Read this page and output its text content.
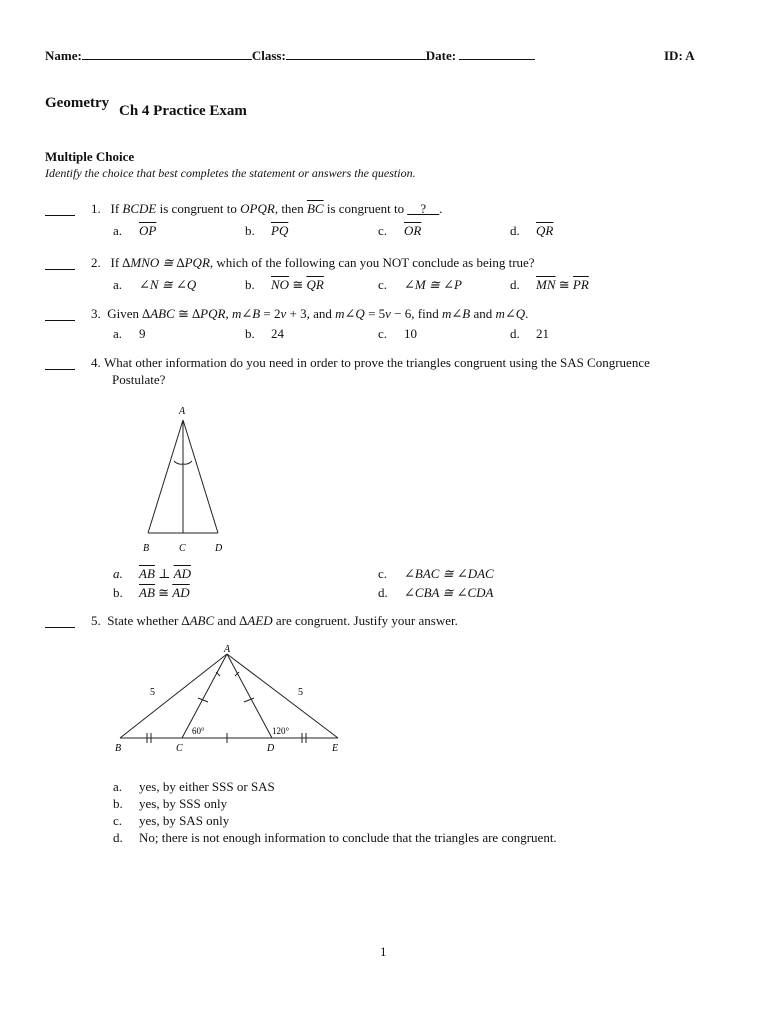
Name:	Class:	Date:	ID: A
Geometry Ch 4 Practice Exam
Multiple Choice
Identify the choice that best completes the statement or answers the question.
1. If BCDE is congruent to OPQR, then $\overline{BC}$ is congruent to __?__.
a. $\overline{OP}$	b. $\overline{PQ}$	c. $\overline{OR}$	d. $\overline{QR}$
2. If ∆MNO ≅ ∆PQR, which of the following can you NOT conclude as being true?
a. ∠N ≅ ∠Q	b. $\overline{NO}$ ≅ $\overline{QR}$	c. ∠M ≅ ∠P	d. $\overline{MN}$ ≅ $\overline{PR}$
3. Given ∆ABC ≅ ∆PQR, m∠B = 2v + 3, and m∠Q = 5v − 6, find m∠B and m∠Q.
a. 9	b. 24	c. 10	d. 21
4. What other information do you need in order to prove the triangles congruent using the SAS Congruence
Postulate?
A
B	C	D
a. $\overline{AB}$ ⊥ $\overline{AD}$
b. $\overline{AB}$ ≅ $\overline{AD}$
c. ∠BAC ≅ ∠DAC
d. ∠CBA ≅ ∠CDA
5. State whether ∆ABC and ∆AED are congruent. Justify your answer.
A
B	C	D	E
5	5
60°	120°
a. yes, by either SSS or SAS
b. yes, by SSS only
c. yes, by SAS only
d. No; there is not enough information to conclude that the triangles are congruent.
1
